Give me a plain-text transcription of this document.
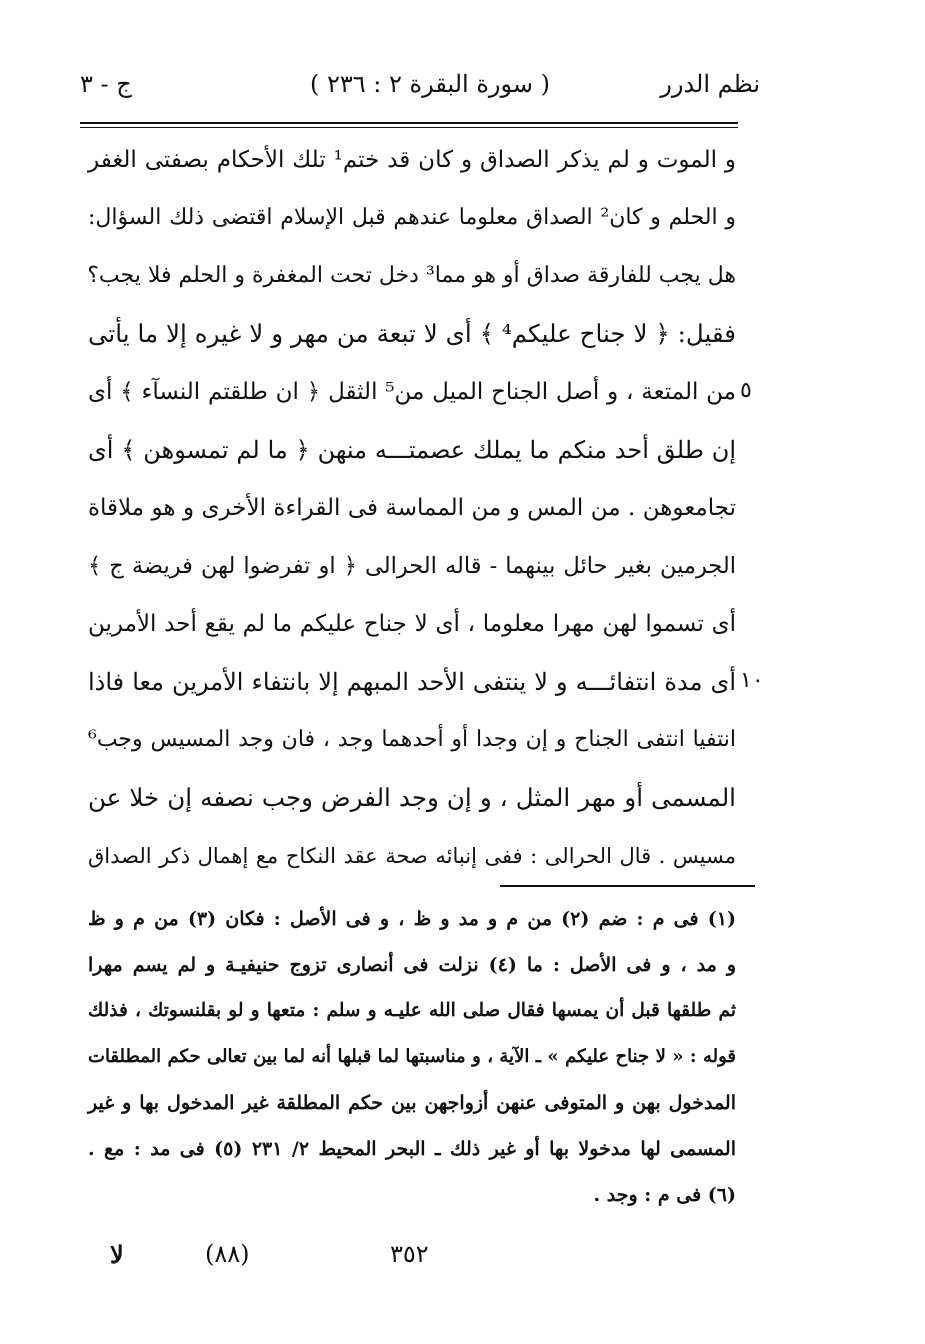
نظم الدرر
( سورة البقرة ٢ : ٢٣٦ )
ج - ٣
و الموت و لم يذكر الصداق و كان قد ختم¹ تلك الأحكام بصفتى الغفر
و الحلم و كان² الصداق معلوما عندهم قبل الإسلام اقتضى ذلك السؤال:
هل يجب للفارقة صداق أو هو مما³ دخل تحت المغفرة و الحلم فلا يجب؟
فقيل: ﴿ لا جناح عليكم⁴ ﴾ أى لا تبعة من مهر و لا غيره إلا ما يأتى
من المتعة ، و أصل الجناح الميل من⁵ الثقل ﴿ ان طلقتم النسآء ﴾ أى
إن طلق أحد منكم ما يملك عصمتـــه منهن ﴿ ما لم تمسوهن ﴾ أى
تجامعوهن . من المس و من المماسة فى القراءة الأخرى و هو ملاقاة
الجرمين بغير حائل بينهما - قاله الحرالى ﴿ او تفرضوا لهن فريضة ج ﴾
أى تسموا لهن مهرا معلوما ، أى لا جناح عليكم ما لم يقع أحد الأمرين
أى مدة انتفائـــه و لا ينتفى الأحد المبهم إلا بانتفاء الأمرين معا فاذا
انتفيا انتفى الجناح و إن وجدا أو أحدهما وجد ، فان وجد المسيس وجب⁶
المسمى أو مهر المثل ، و إن وجد الفرض وجب نصفه إن خلا عن
مسيس . قال الحرالى : ففى إنبائه صحة عقد النكاح مع إهمال ذكر الصداق
٥
١٠
(١) فى م : ضم (٢) من م و مد و ظ ، و فى الأصل : فكان (٣) من م و ظ
و مد ، و فى الأصل : ما (٤) نزلت فى أنصارى تزوج حنيفيـة و لم يسم مهرا
ثم طلقها قبل أن يمسها فقال صلى الله عليـه و سلم : متعها و لو بقلنسوتك ، فذلك
قوله : « لا جناح عليكم » ـ الآية ، و مناسبتها لما قبلها أنه لما بين تعالى حكم المطلقات
المدخول بهن و المتوفى عنهن أزواجهن بين حكم المطلقة غير المدخول بها و غير
المسمى لها مدخولا بها أو غير ذلك ـ البحر المحيط ٢/ ٢٣١ (٥) فى مد : مع .
(٦) فى م : وجد .
لا	(٨٨)	٣٥٢
